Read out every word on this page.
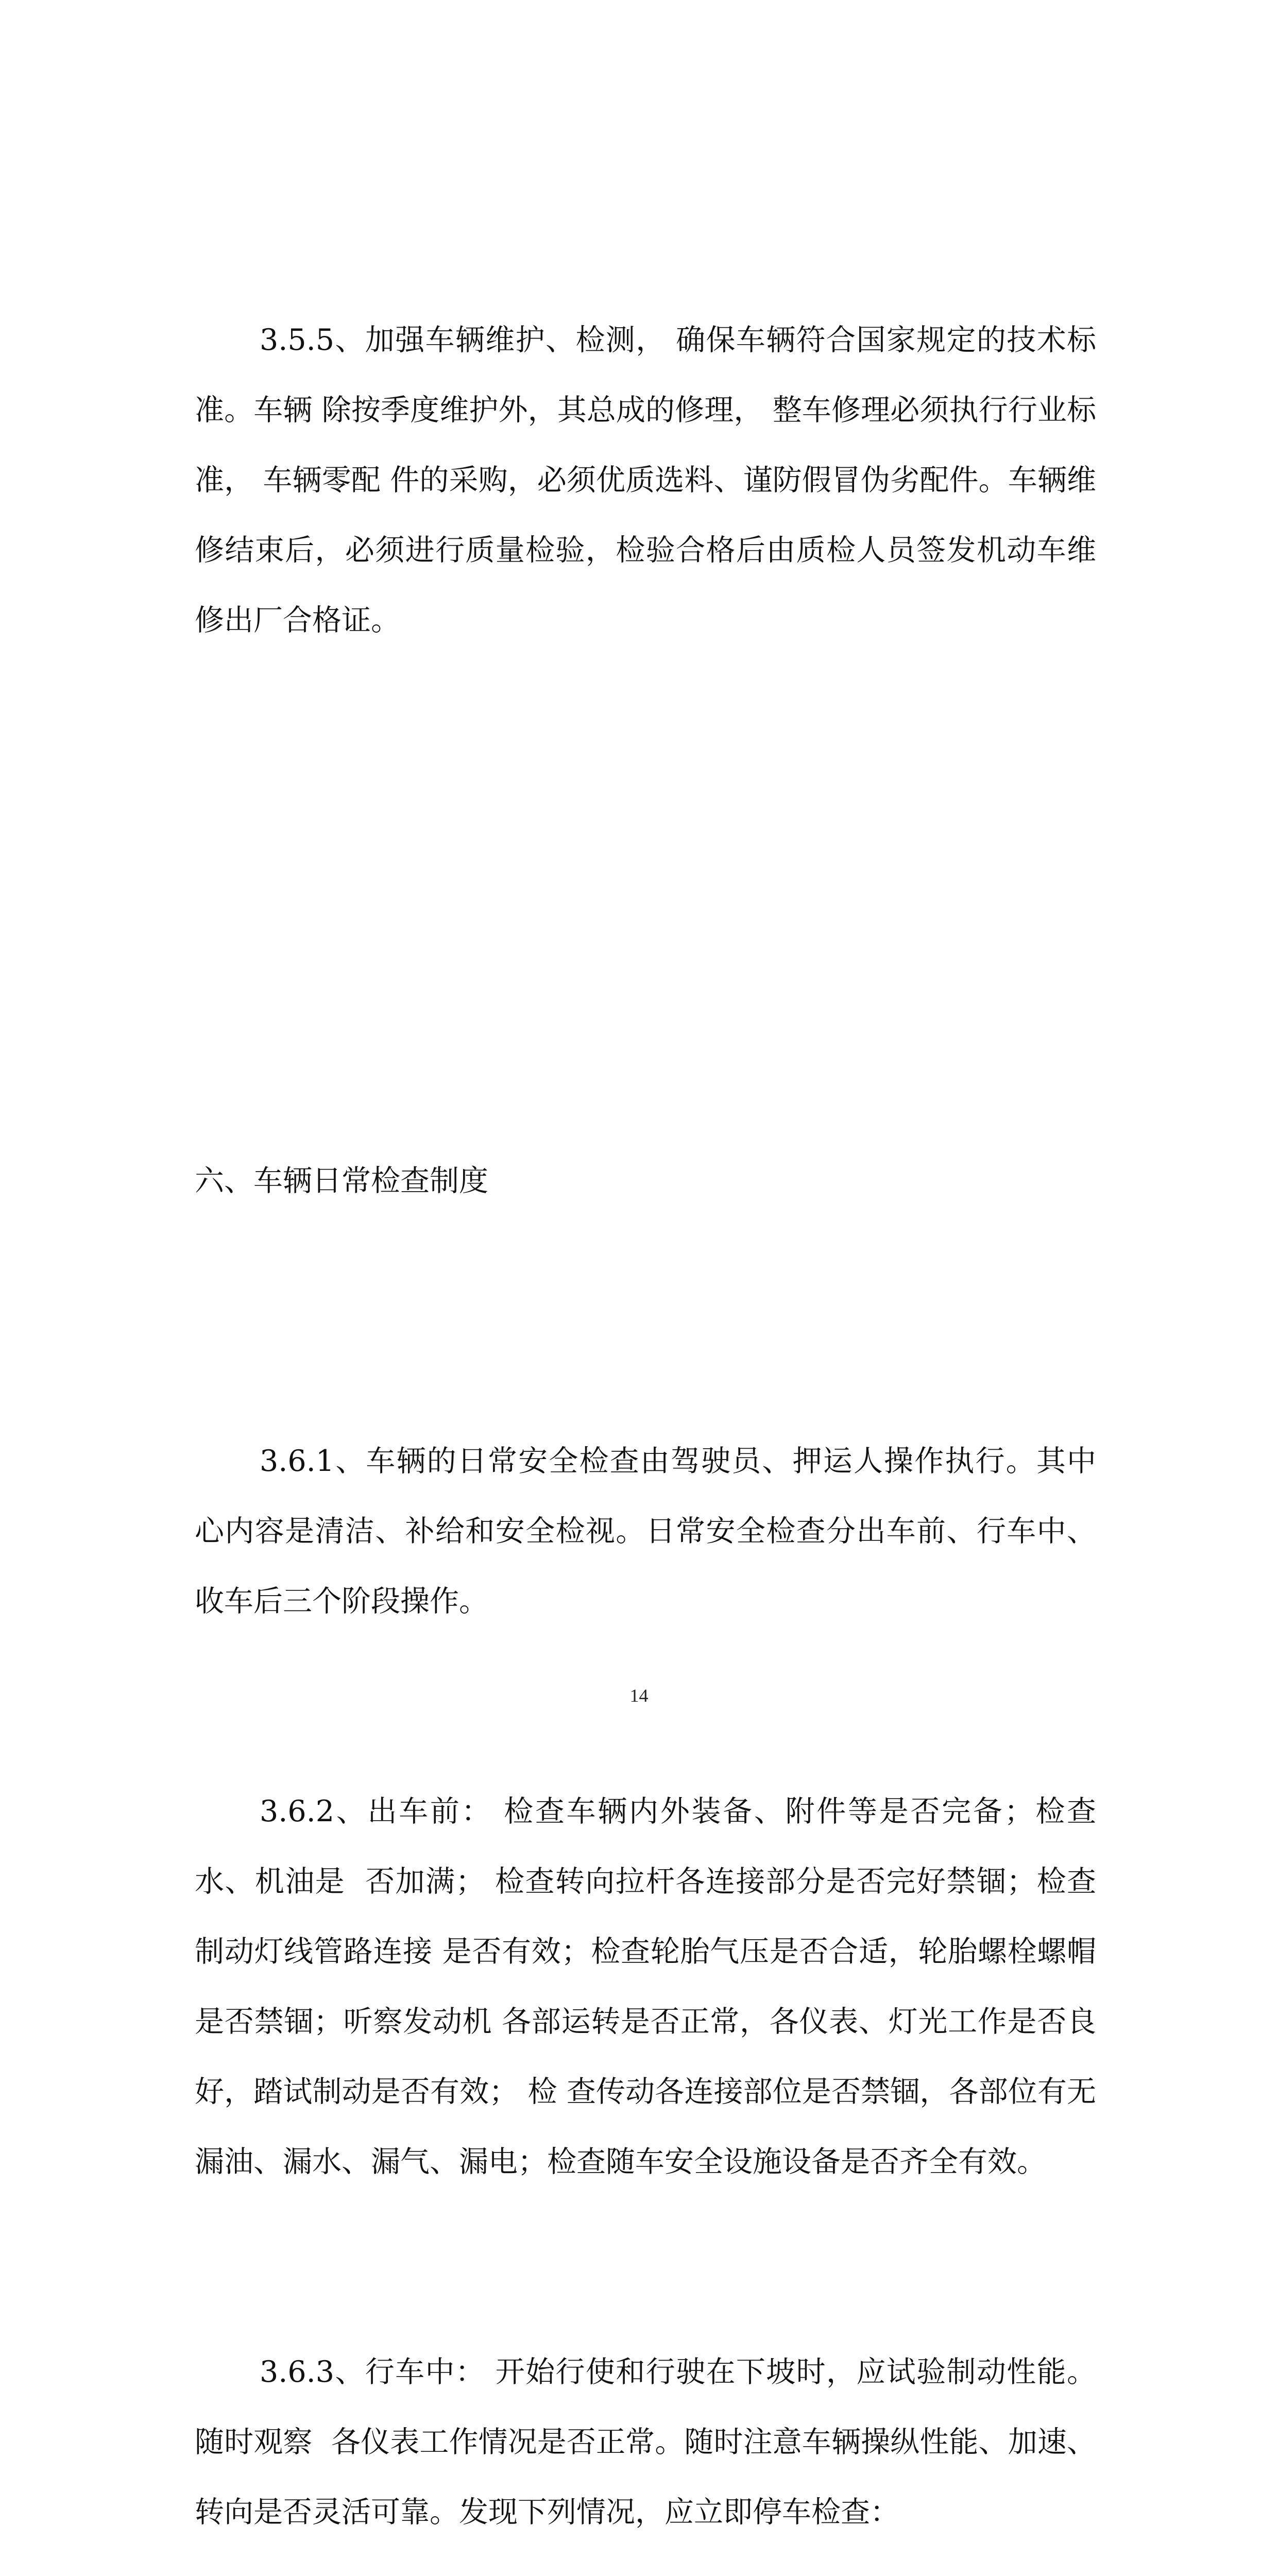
3.5.5、加强车辆维护、检测， 确保车辆符合国家规定的技术标准。车辆 除按季度维护外，其总成的修理， 整车修理必须执行行业标准， 车辆零配 件的采购，必须优质选料、谨防假冒伪劣配件。车辆维修结束后，必须进行质量检验，检验合格后由质检人员签发机动车维修出厂合格证。

六、车辆日常检查制度

3.6.1、车辆的日常安全检查由驾驶员、押运人操作执行。其中心内容是清洁、补给和安全检视。日常安全检查分出车前、行车中、收车后三个阶段操作。

3.6.2、出车前： 检查车辆内外装备、附件等是否完备；检查水、机油是  否加满； 检查转向拉杆各连接部分是否完好禁锢；检查制动灯线管路连接 是否有效；检查轮胎气压是否合适，轮胎螺栓螺帽是否禁锢；听察发动机 各部运转是否正常，各仪表、灯光工作是否良好，踏试制动是否有效； 检 查传动各连接部位是否禁锢，各部位有无漏油、漏水、漏气、漏电；检查随车安全设施设备是否齐全有效。

3.6.3、行车中： 开始行使和行驶在下坡时，应试验制动性能。随时观察  各仪表工作情况是否正常。随时注意车辆操纵性能、加速、转向是否灵活可靠。发现下列情况，应立即停车检查：

14
